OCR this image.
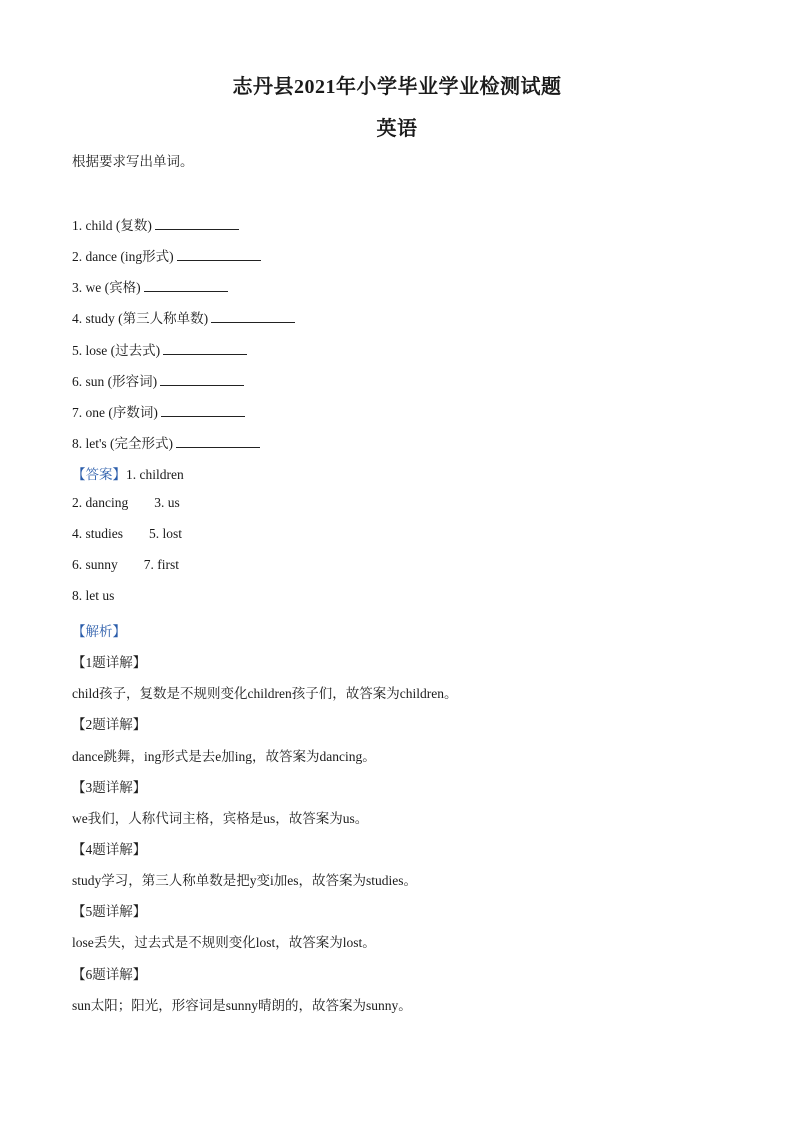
志丹县2021年小学毕业学业检测试题
英语
根据要求写出单词。
1. child (复数)
2. dance (ing形式)
3. we (宾格)
4. study (第三人称单数)
5. lose (过去式)
6. sun (形容词)
7. one (序数词)
8. let's (完全形式)
【答案】1. children
2. dancing 3. us
4. studies 5. lost
6. sunny 7. first
8. let us
【解析】
【1题详解】
child孩子，复数是不规则变化children孩子们，故答案为children。
【2题详解】
dance跳舞，ing形式是去e加ing，故答案为dancing。
【3题详解】
we我们，人称代词主格，宾格是us，故答案为us。
【4题详解】
study学习，第三人称单数是把y变i加es，故答案为studies。
【5题详解】
lose丢失，过去式是不规则变化lost，故答案为lost。
【6题详解】
sun太阳；阳光，形容词是sunny晴朗的，故答案为sunny。
